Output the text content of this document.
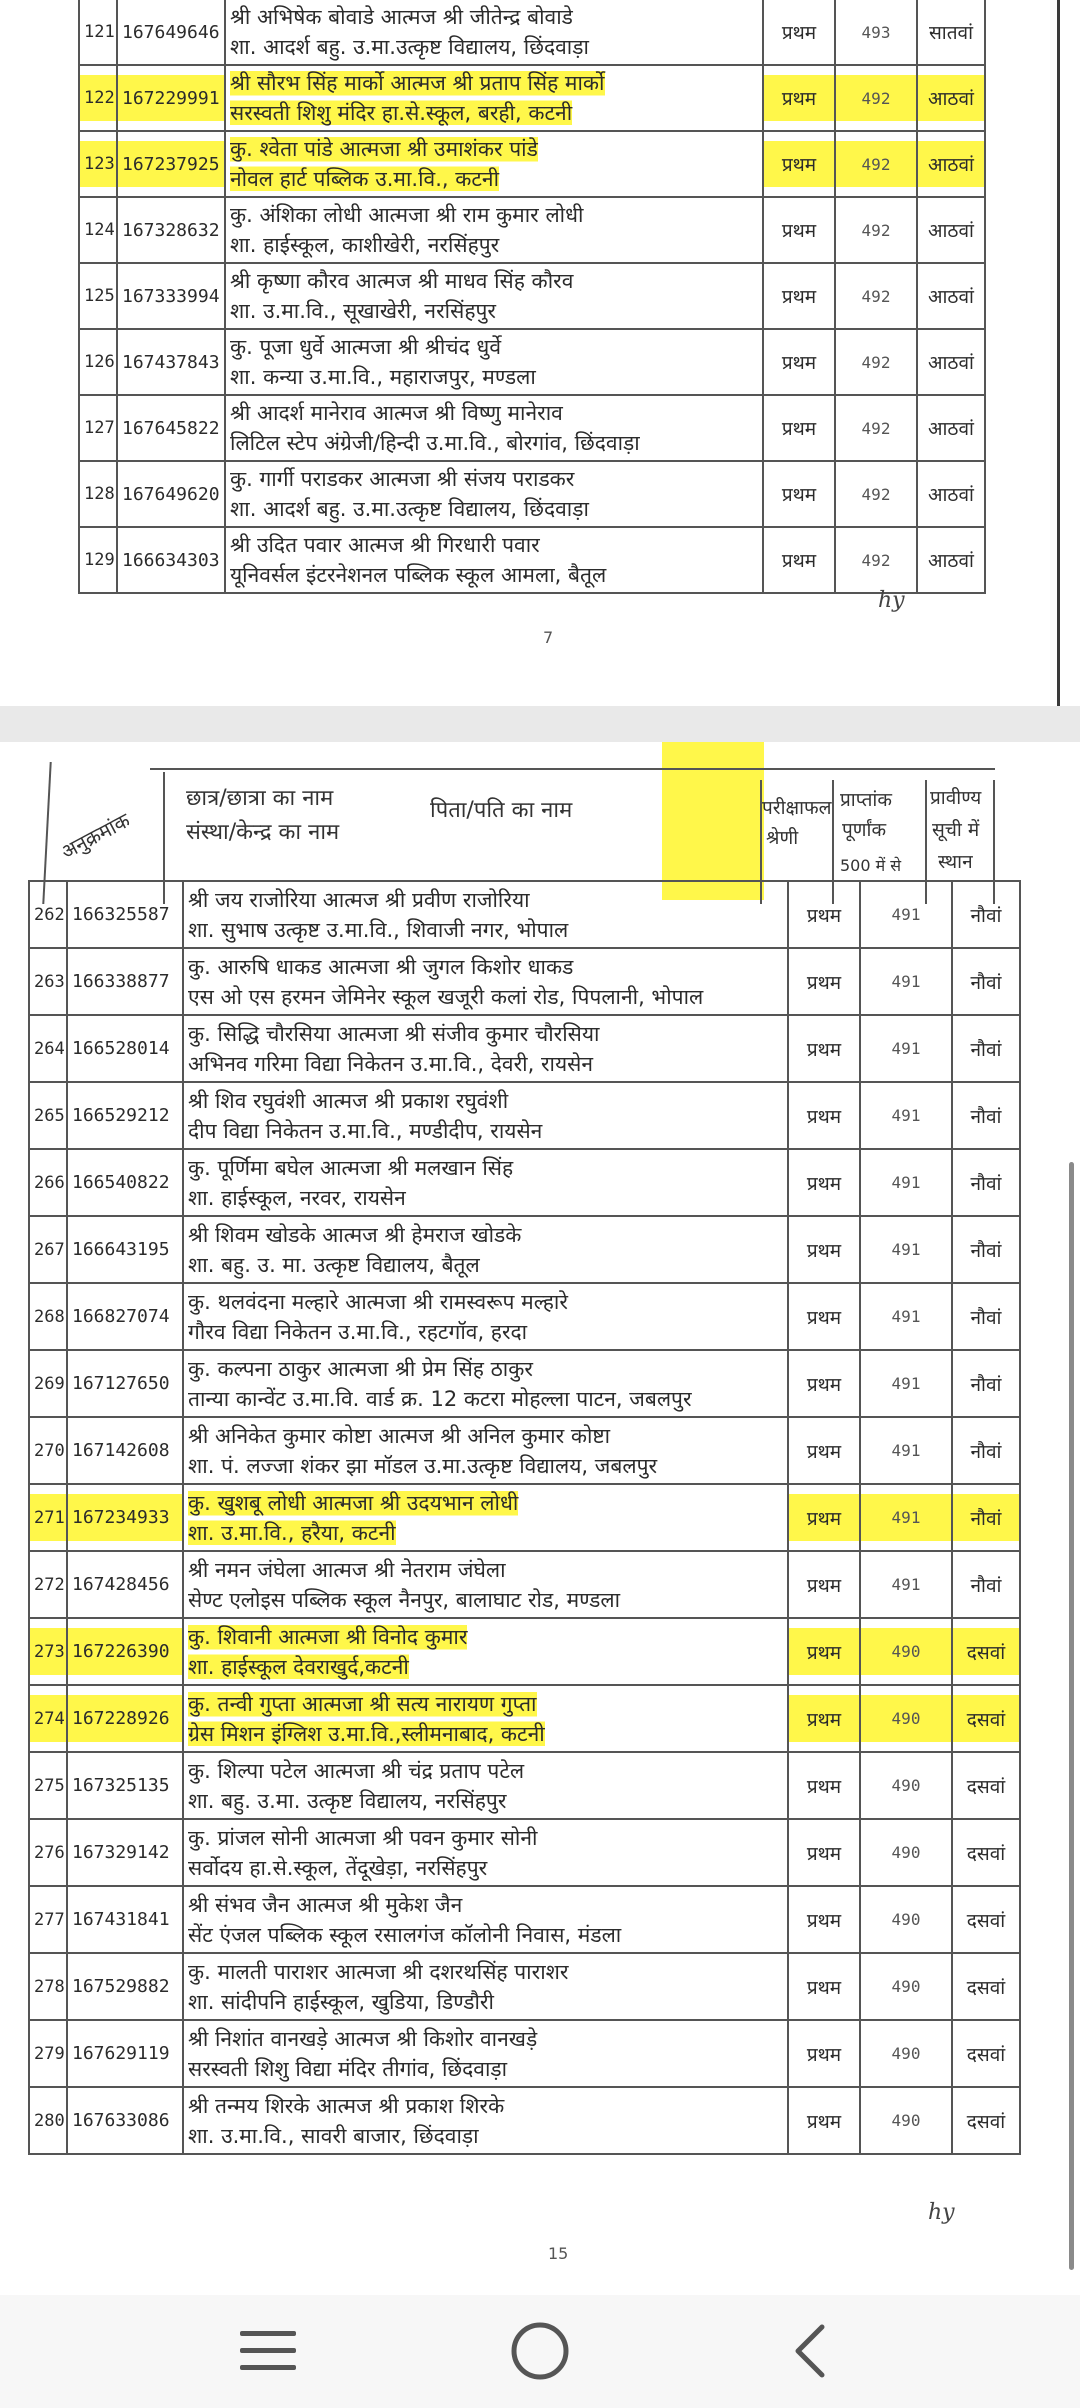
121	167649646	श्री अभिषेक बोवाडे आत्मज श्री जीतेन्द्र बोवाडे
शा. आदर्श बहु. उ.मा.उत्कृष्ट विद्यालय, छिंदवाड़ा	प्रथम	493	सातवां
122	167229991	श्री सौरभ सिंह मार्को आत्मज श्री प्रताप सिंह मार्को
सरस्वती शिशु मंदिर हा.से.स्कूल, बरही, कटनी	प्रथम	492	आठवां
123	167237925	कु. श्वेता पांडे आत्मजा श्री उमाशंकर पांडे
नोवल हार्ट पब्लिक उ.मा.वि., कटनी	प्रथम	492	आठवां
124	167328632	कु. अंशिका लोधी आत्मजा श्री राम कुमार लोधी
शा. हाईस्कूल, काशीखेरी, नरसिंहपुर	प्रथम	492	आठवां
125	167333994	श्री कृष्णा कौरव आत्मज श्री माधव सिंह कौरव
शा. उ.मा.वि., सूखाखेरी, नरसिंहपुर	प्रथम	492	आठवां
126	167437843	कु. पूजा धुर्वे आत्मजा श्री श्रीचंद धुर्वे
शा. कन्या उ.मा.वि., महाराजपुर, मण्डला	प्रथम	492	आठवां
127	167645822	श्री आदर्श मानेराव आत्मज श्री विष्णु मानेराव
लिटिल स्टेप अंग्रेजी/हिन्दी उ.मा.वि., बोरगांव, छिंदवाड़ा	प्रथम	492	आठवां
128	167649620	कु. गार्गी पराडकर आत्मजा श्री संजय पराडकर
शा. आदर्श बहु. उ.मा.उत्कृष्ट विद्यालय, छिंदवाड़ा	प्रथम	492	आठवां
129	166634303	श्री उदित पवार आत्मज श्री गिरधारी पवार
यूनिवर्सल इंटरनेशनल पब्लिक स्कूल आमला, बैतूल	प्रथम	492	आठवां
7
hy
अनुक्रमांक
छात्र/छात्रा का नाम
संस्था/केन्द्र का नाम
पिता/पति का नाम	परीक्षाफल
श्रेणी
प्राप्तांक
पूर्णांक
500 में से
प्रावीण्य
सूची में
स्थान
262	166325587	श्री जय राजोरिया आत्मज श्री प्रवीण राजोरिया
शा. सुभाष उत्कृष्ट उ.मा.वि., शिवाजी नगर, भोपाल	प्रथम	491	नौवां
263	166338877	कु. आरुषि धाकड आत्मजा श्री जुगल किशोर धाकड
एस ओ एस हरमन जेमिनेर स्कूल खजूरी कलां रोड, पिपलानी, भोपाल	प्रथम	491	नौवां
264	166528014	कु. सिद्धि चौरसिया आत्मजा श्री संजीव कुमार चौरसिया
अभिनव गरिमा विद्या निकेतन उ.मा.वि., देवरी, रायसेन	प्रथम	491	नौवां
265	166529212	श्री शिव रघुवंशी आत्मज श्री प्रकाश रघुवंशी
दीप विद्या निकेतन उ.मा.वि., मण्डीदीप, रायसेन	प्रथम	491	नौवां
266	166540822	कु. पूर्णिमा बघेल आत्मजा श्री मलखान सिंह
शा. हाईस्कूल, नरवर, रायसेन	प्रथम	491	नौवां
267	166643195	श्री शिवम खोडके आत्मज श्री हेमराज खोडके
शा. बहु. उ. मा. उत्कृष्ट विद्यालय, बैतूल	प्रथम	491	नौवां
268	166827074	कु. थलवंदना मल्हारे आत्मजा श्री रामस्वरूप मल्हारे
गौरव विद्या निकेतन उ.मा.वि., रहटगॉव, हरदा	प्रथम	491	नौवां
269	167127650	कु. कल्पना ठाकुर आत्मजा श्री प्रेम सिंह ठाकुर
तान्या कान्वेंट उ.मा.वि. वार्ड क्र. 12 कटरा मोहल्ला पाटन, जबलपुर	प्रथम	491	नौवां
270	167142608	श्री अनिकेत कुमार कोष्टा आत्मज श्री अनिल कुमार कोष्टा
शा. पं. लज्जा शंकर झा मॉडल उ.मा.उत्कृष्ट विद्यालय, जबलपुर	प्रथम	491	नौवां
271	167234933	कु. खुशबू लोधी आत्मजा श्री उदयभान लोधी
शा. उ.मा.वि., हरैया, कटनी	प्रथम	491	नौवां
272	167428456	श्री नमन जंघेला आत्मज श्री नेतराम जंघेला
सेण्ट एलोइस पब्लिक स्कूल नैनपुर, बालाघाट रोड, मण्डला	प्रथम	491	नौवां
273	167226390	कु. शिवानी आत्मजा श्री विनोद कुमार
शा. हाईस्कूल देवराखुर्द,कटनी	प्रथम	490	दसवां
274	167228926	कु. तन्वी गुप्ता आत्मजा श्री सत्य नारायण गुप्ता
ग्रेस मिशन इंग्लिश उ.मा.वि.,स्लीमनाबाद, कटनी	प्रथम	490	दसवां
275	167325135	कु. शिल्पा पटेल आत्मजा श्री चंद्र प्रताप पटेल
शा. बहु. उ.मा. उत्कृष्ट विद्यालय, नरसिंहपुर	प्रथम	490	दसवां
276	167329142	कु. प्रांजल सोनी आत्मजा श्री पवन कुमार सोनी
सर्वोदय हा.से.स्कूल, तेंदूखेड़ा, नरसिंहपुर	प्रथम	490	दसवां
277	167431841	श्री संभव जैन आत्मज श्री मुकेश जैन
सेंट एंजल पब्लिक स्कूल रसालगंज कॉलोनी निवास, मंडला	प्रथम	490	दसवां
278	167529882	कु. मालती पाराशर आत्मजा श्री दशरथसिंह पाराशर
शा. सांदीपनि हाईस्कूल, खुडिया, डिण्डौरी	प्रथम	490	दसवां
279	167629119	श्री निशांत वानखड़े आत्मज श्री किशोर वानखड़े
सरस्वती शिशु विद्या मंदिर तीगांव, छिंदवाड़ा	प्रथम	490	दसवां
280	167633086	श्री तन्मय शिरके आत्मज श्री प्रकाश शिरके
शा. उ.मा.वि., सावरी बाजार, छिंदवाड़ा	प्रथम	490	दसवां
15
hy
